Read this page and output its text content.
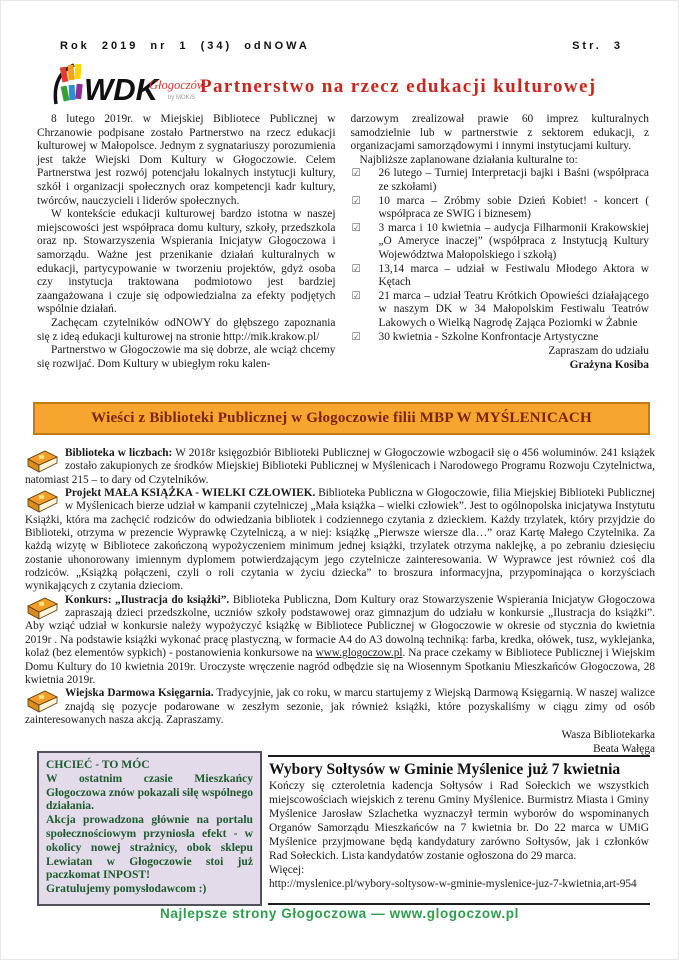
Rok 2019 nr 1 (34) odNOWA	Str. 3
WDK
Głogoczów
by MOKiS
Partnerstwo na rzecz edukacji kulturowej

8 lutego 2019r. w Miejskiej Bibliotece Publicznej w Chrzanowie podpisane zostało Partnerstwo na rzecz edukacji kulturowej w Małopolsce. Jednym z sygnatariuszy porozumienia jest także Wiejski Dom Kultury w Głogoczowie. Celem Partnerstwa jest rozwój potencjału lokalnych instytucji kultury, szkół i organizacji społecznych oraz kompetencji kadr kultury, twórców, nauczycieli i liderów społecznych.

W kontekście edukacji kulturowej bardzo istotna w naszej miejscowości jest współpraca domu kultury, szkoły, przedszkola oraz np. Stowarzyszenia Wspierania Inicjatyw Głogoczowa i samorządu. Ważne jest przenikanie działań kulturalnych w edukacji, partycypowanie w tworzeniu projektów, gdyż osoba czy instytucja traktowana podmiotowo jest bardziej zaangażowana i czuje się odpowiedzialna za efekty podjętych wspólnie działań.

Zachęcam czytelników odNOWY do głębszego zapoznania się z ideą edukacji kulturowej na stronie http://mik.krakow.pl/

Partnerstwo w Głogoczowie ma się dobrze, ale wciąż chcemy się rozwijać. Dom Kultury w ubiegłym roku kalen-

darzowym zrealizował prawie 60 imprez kulturalnych samodzielnie lub w partnerstwie z sektorem edukacji, z organizacjami samorządowymi i innymi instytucjami kultury.

Najbliższe zaplanowane działania kulturalne to:

☑ 26 lutego – Turniej Interpretacji bajki i Baśni (współpraca ze szkołami)
☑ 10 marca – Zróbmy sobie Dzień Kobiet! - koncert ( współpraca ze SWIG i biznesem)
☑ 3 marca i 10 kwietnia – audycja Filharmonii Krakowskiej „O Ameryce inaczej” (współpraca z Instytucją Kultury Województwa Małopolskiego i szkołą)
☑ 13,14 marca – udział w Festiwalu Młodego Aktora w Kętach
☑ 21 marca – udział Teatru Krótkich Opowieści działającego w naszym DK w 34 Małopolskim Festiwalu Teatrów Lakowych o Wielką Nagrodę Zająca Poziomki w Żabnie
☑ 30 kwietnia - Szkolne Konfrontacje Artystyczne
Zapraszam do udziału
Grażyna Kosiba
Wieści z Biblioteki Publicznej w Głogoczowie filii MBP W MYŚLENICACH
Biblioteka w liczbach: W 2018r księgozbiór Biblioteki Publicznej w Głogoczowie wzbogacił się o 456 woluminów. 241 książek zostało zakupionych ze środków Miejskiej Biblioteki Publicznej w Myślenicach i Narodowego Programu Rozwoju Czytelnictwa, natomiast 215 – to dary od Czytelników.
Projekt MAŁA KSIĄŻKA - WIELKI CZŁOWIEK. Biblioteka Publiczna w Głogoczowie, filia Miejskiej Biblioteki Publicznej w Myślenicach bierze udział w kampanii czytelniczej „Mała książka – wielki człowiek”. Jest to ogólnopolska inicjatywa Instytutu Książki, która ma zachęcić rodziców do odwiedzania bibliotek i codziennego czytania z dzieckiem. Każdy trzylatek, który przyjdzie do Biblioteki, otrzyma w prezencie Wyprawkę Czytelniczą, a w niej: książkę „Pierwsze wiersze dla…” oraz Kartę Małego Czytelnika. Za każdą wizytę w Bibliotece zakończoną wypożyczeniem minimum jednej książki, trzylatek otrzyma naklejkę, a po zebraniu dziesięciu zostanie uhonorowany imiennym dyplomem potwierdzającym jego czytelnicze zainteresowania. W Wyprawce jest również coś dla rodziców. „Książką połączeni, czyli o roli czytania w życiu dziecka” to broszura informacyjna, przypominająca o korzyściach wynikających z czytania dzieciom.
Konkurs: „Ilustracja do książki”. Biblioteka Publiczna, Dom Kultury oraz Stowarzyszenie Wspierania Inicjatyw Głogoczowa zapraszają dzieci przedszkolne, uczniów szkoły podstawowej oraz gimnazjum do udziału w konkursie „Ilustracja do książki”. Aby wziąć udział w konkursie należy wypożyczyć książkę w Bibliotece Publicznej w Głogoczowie w okresie od stycznia do kwietnia 2019r . Na podstawie książki wykonać pracę plastyczną, w formacie A4 do A3 dowolną techniką: farba, kredka, ołówek, tusz, wyklejanka, kolaż (bez elementów sypkich) - postanowienia konkursowe na www.glogoczow.pl. Na prace czekamy w Bibliotece Publicznej i Wiejskim Domu Kultury do 10 kwietnia 2019r. Uroczyste wręczenie nagród odbędzie się na Wiosennym Spotkaniu Mieszkańców Głogoczowa, 28 kwietnia 2019r.
Wiejska Darmowa Księgarnia. Tradycyjnie, jak co roku, w marcu startujemy z Wiejską Darmową Księgarnią. W naszej walizce znajdą się pozycje podarowane w zeszłym sezonie, jak również książki, które pozyskaliśmy w ciągu zimy od osób zainteresowanych nasza akcją. Zapraszamy.
Wasza Bibliotekarka
Beata Wałęga
CHCIEĆ - TO MÓC
W ostatnim czasie Mieszkańcy Głogoczowa znów pokazali siłę wspólnego działania.
Akcja prowadzona głównie na portalu społecznościowym przyniosła efekt - w okolicy nowej strażnicy, obok sklepu Lewiatan w Głogoczowie stoi już paczkomat INPOST!
Gratulujemy pomysłodawcom :)
Wybory Sołtysów w Gminie Myślenice już 7 kwietnia

Kończy się czteroletnia kadencja Sołtysów i Rad Sołeckich we wszystkich miejscowościach wiejskich z terenu Gminy Myślenice. Burmistrz Miasta i Gminy Myślenice Jarosław Szlachetka wyznaczył termin wyborów do wspominanych Organów Samorządu Mieszkańców na 7 kwietnia br. Do 22 marca w UMiG Myślenice przyjmowane będą kandydatury zarówno Sołtysów, jak i członków Rad Sołeckich. Lista kandydatów zostanie ogłoszona do 29 marca.

Więcej:

http://myslenice.pl/wybory-soltysow-w-gminie-myslenice-juz-7-kwietnia,art-954

Najlepsze strony Głogoczowa — www.glogoczow.pl
